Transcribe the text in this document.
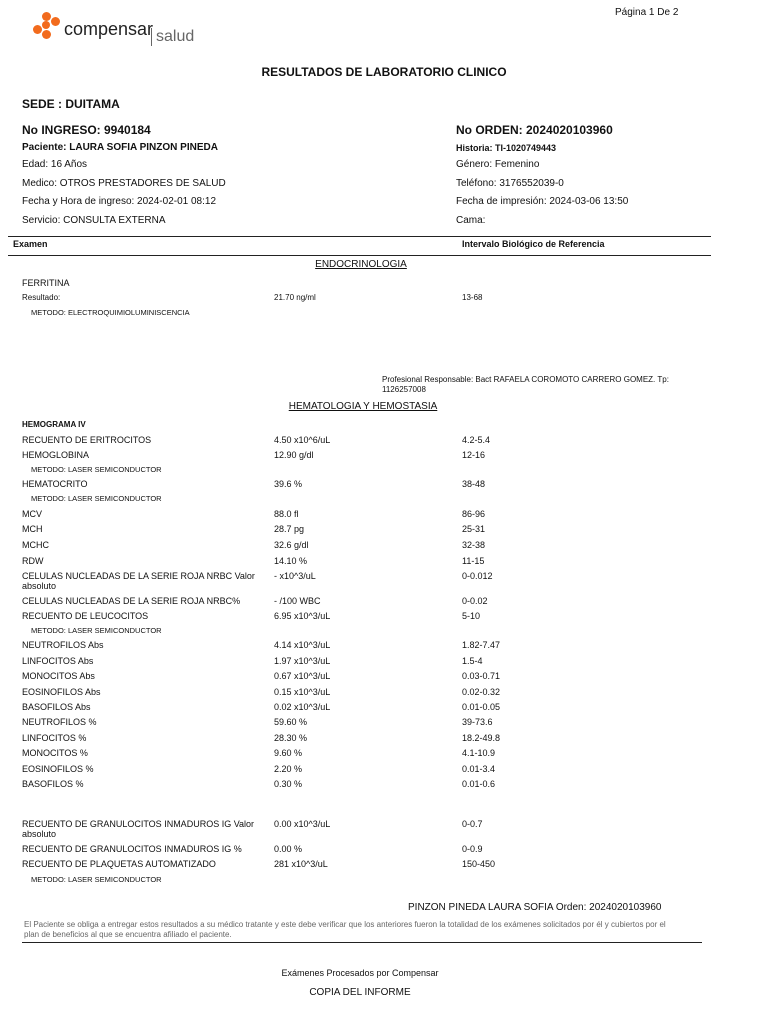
Página 1 De 2
compensar salud
RESULTADOS DE LABORATORIO CLINICO
SEDE : DUITAMA
No INGRESO: 9940184	No ORDEN: 2024020103960
Paciente: LAURA SOFIA PINZON PINEDA	Historia: TI-1020749443
Edad: 16 Años	Género: Femenino
Medico: OTROS PRESTADORES DE SALUD	Teléfono: 3176552039-0
Fecha y Hora de ingreso: 2024-02-01 08:12	Fecha de impresión: 2024-03-06 13:50
Servicio: CONSULTA EXTERNA	Cama:
Examen	Intervalo Biológico de Referencia
ENDOCRINOLOGIA
FERRITINA
Resultado:	21.70 ng/ml	13-68
METODO: ELECTROQUIMIOLUMINISCENCIA
Profesional Responsable: Bact RAFAELA COROMOTO CARRERO GOMEZ. Tp:
1126257008
HEMATOLOGIA Y HEMOSTASIA
HEMOGRAMA IV
RECUENTO DE ERITROCITOS	4.50 x10^6/uL	4.2-5.4
HEMOGLOBINA	12.90 g/dl	12-16
METODO: LASER SEMICONDUCTOR
HEMATOCRITO	39.6 %	38-48
METODO: LASER SEMICONDUCTOR
MCV	88.0 fl	86-96
MCH	28.7 pg	25-31
MCHC	32.6 g/dl	32-38
RDW	14.10 %	11-15
CELULAS NUCLEADAS DE LA SERIE ROJA NRBC Valor absoluto
- x10^3/uL	0-0.012
CELULAS NUCLEADAS DE LA SERIE ROJA NRBC%	- /100 WBC	0-0.02
RECUENTO DE LEUCOCITOS	6.95 x10^3/uL	5-10
METODO: LASER SEMICONDUCTOR
NEUTROFILOS Abs	4.14 x10^3/uL	1.82-7.47
LINFOCITOS Abs	1.97 x10^3/uL	1.5-4
MONOCITOS Abs	0.67 x10^3/uL	0.03-0.71
EOSINOFILOS Abs	0.15 x10^3/uL	0.02-0.32
BASOFILOS Abs	0.02 x10^3/uL	0.01-0.05
NEUTROFILOS %	59.60 %	39-73.6
LINFOCITOS %	28.30 %	18.2-49.8
MONOCITOS %	9.60 %	4.1-10.9
EOSINOFILOS %	2.20 %	0.01-3.4
BASOFILOS %	0.30 %	0.01-0.6
RECUENTO DE GRANULOCITOS INMADUROS IG Valor absoluto
0.00 x10^3/uL	0-0.7
RECUENTO DE GRANULOCITOS INMADUROS IG %	0.00 %	0-0.9
RECUENTO DE PLAQUETAS AUTOMATIZADO	281 x10^3/uL	150-450
METODO: LASER SEMICONDUCTOR
PINZON PINEDA LAURA SOFIA Orden: 2024020103960
El Paciente se obliga a entregar estos resultados a su médico tratante y este debe verificar que los anteriores fueron la totalidad de los exámenes solicitados por él y cubiertos por el plan de beneficios al que se encuentra afiliado el paciente.
Exámenes Procesados por Compensar
COPIA DEL INFORME
